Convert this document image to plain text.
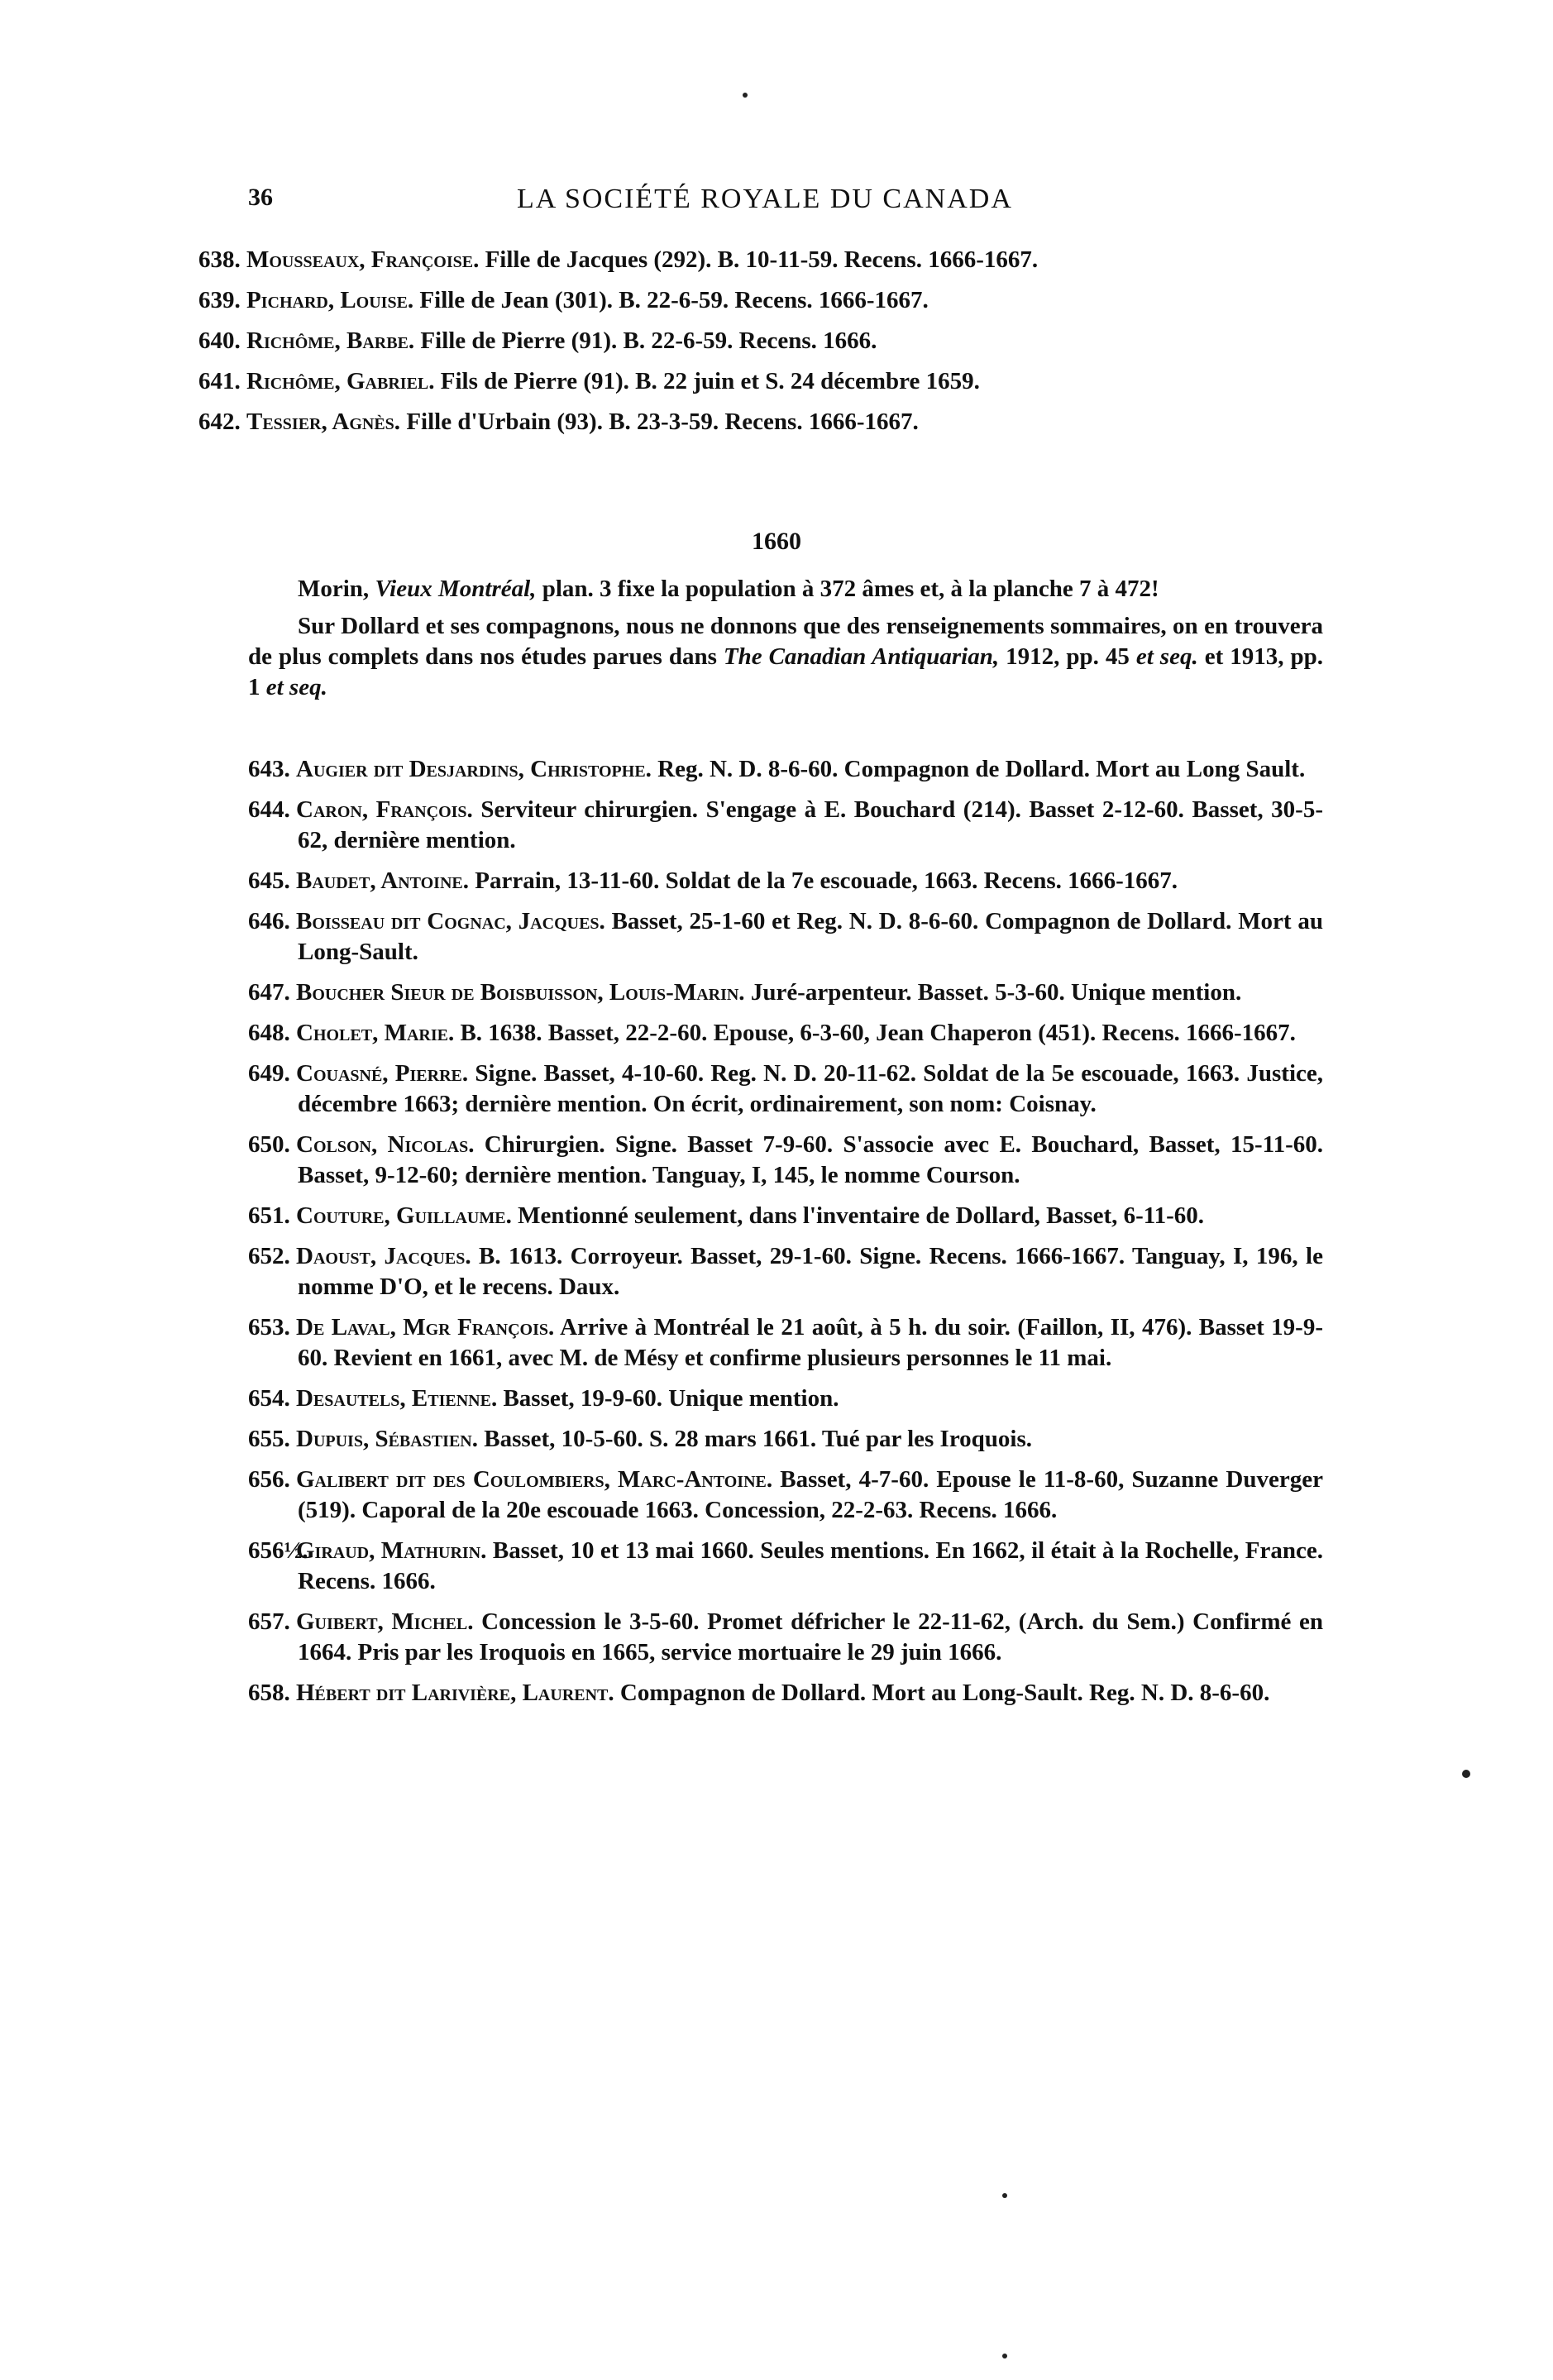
36	LA SOCIÉTÉ ROYALE DU CANADA

638. Mousseaux, Françoise. Fille de Jacques (292). B. 10-11-59. Recens. 1666-1667.

639. Pichard, Louise. Fille de Jean (301). B. 22-6-59. Recens. 1666-1667.

640. Richôme, Barbe. Fille de Pierre (91). B. 22-6-59. Recens. 1666.

641. Richôme, Gabriel. Fils de Pierre (91). B. 22 juin et S. 24 décembre 1659.

642. Tessier, Agnès. Fille d'Urbain (93). B. 23-3-59. Recens. 1666-1667.

1660

Morin, Vieux Montréal, plan. 3 fixe la population à 372 âmes et, à la planche 7 à 472!

Sur Dollard et ses compagnons, nous ne donnons que des renseignements sommaires, on en trouvera de plus complets dans nos études parues dans The Canadian Antiquarian, 1912, pp. 45 et seq. et 1913, pp. 1 et seq.

643. Augier dit Desjardins, Christophe. Reg. N. D. 8-6-60. Compagnon de Dollard. Mort au Long Sault.

644. Caron, François. Serviteur chirurgien. S'engage à E. Bouchard (214). Basset 2-12-60. Basset, 30-5-62, dernière mention.

645. Baudet, Antoine. Parrain, 13-11-60. Soldat de la 7e escouade, 1663. Recens. 1666-1667.

646. Boisseau dit Cognac, Jacques. Basset, 25-1-60 et Reg. N. D. 8-6-60. Compagnon de Dollard. Mort au Long-Sault.

647. Boucher Sieur de Boisbuisson, Louis-Marin. Juré-arpenteur. Basset. 5-3-60. Unique mention.

648. Cholet, Marie. B. 1638. Basset, 22-2-60. Epouse, 6-3-60, Jean Chaperon (451). Recens. 1666-1667.

649. Couasné, Pierre. Signe. Basset, 4-10-60. Reg. N. D. 20-11-62. Soldat de la 5e escouade, 1663. Justice, décembre 1663; dernière mention. On écrit, ordinairement, son nom: Coisnay.

650. Colson, Nicolas. Chirurgien. Signe. Basset 7-9-60. S'associe avec E. Bouchard, Basset, 15-11-60. Basset, 9-12-60; dernière mention. Tanguay, I, 145, le nomme Courson.

651. Couture, Guillaume. Mentionné seulement, dans l'inventaire de Dollard, Basset, 6-11-60.

652. Daoust, Jacques. B. 1613. Corroyeur. Basset, 29-1-60. Signe. Recens. 1666-1667. Tanguay, I, 196, le nomme D'O, et le recens. Daux.

653. De Laval, Mgr François. Arrive à Montréal le 21 août, à 5 h. du soir. (Faillon, II, 476). Basset 19-9-60. Revient en 1661, avec M. de Mésy et confirme plusieurs personnes le 11 mai.

654. Desautels, Etienne. Basset, 19-9-60. Unique mention.

655. Dupuis, Sébastien. Basset, 10-5-60. S. 28 mars 1661. Tué par les Iroquois.

656. Galibert dit des Coulombiers, Marc-Antoine. Basset, 4-7-60. Epouse le 11-8-60, Suzanne Duverger (519). Caporal de la 20e escouade 1663. Concession, 22-2-63. Recens. 1666.

656½.Giraud, Mathurin. Basset, 10 et 13 mai 1660. Seules mentions. En 1662, il était à la Rochelle, France. Recens. 1666.

657. Guibert, Michel. Concession le 3-5-60. Promet défricher le 22-11-62, (Arch. du Sem.) Confirmé en 1664. Pris par les Iroquois en 1665, service mortuaire le 29 juin 1666.

658. Hébert dit Larivière, Laurent. Compagnon de Dollard. Mort au Long-Sault. Reg. N. D. 8-6-60.
